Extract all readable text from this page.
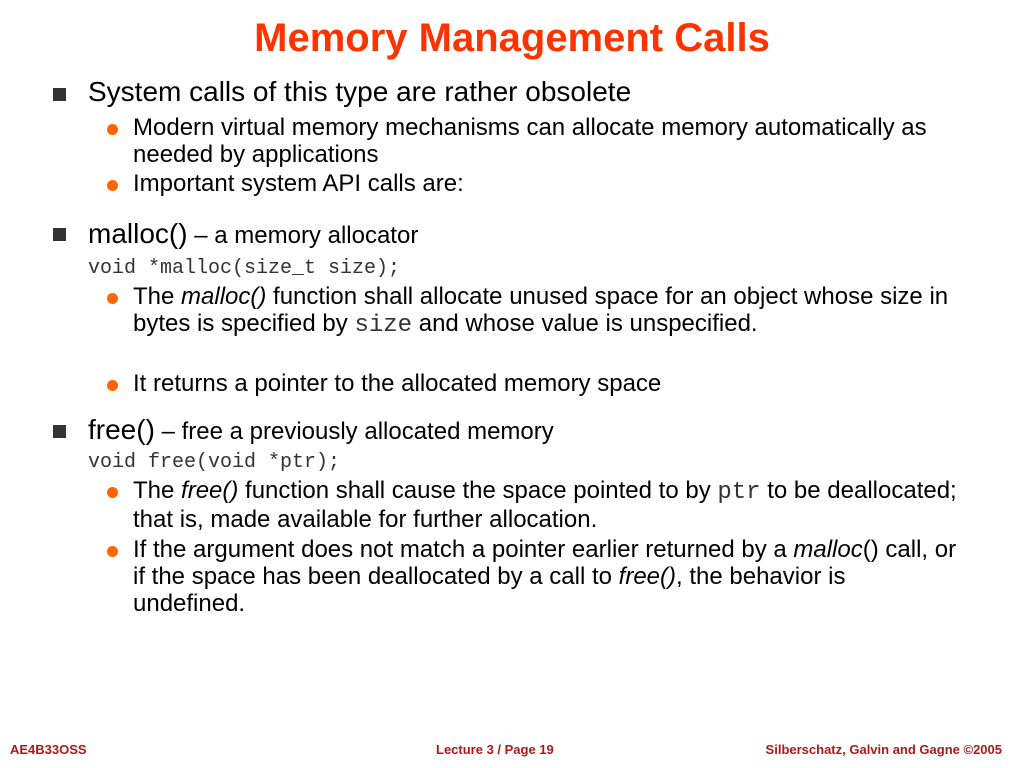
Memory Management Calls
System calls of this type are rather obsolete
Modern virtual memory mechanisms can allocate memory automatically as needed by applications
Important system API calls are:
malloc() – a memory allocator
void *malloc(size_t size);
The malloc() function shall allocate unused space for an object whose size in bytes is specified by size and whose value is unspecified.
It returns a pointer to the allocated memory space
free() – free a previously allocated memory
void free(void *ptr);
The free() function shall cause the space pointed to by ptr to be deallocated; that is, made available for further allocation.
If the argument does not match a pointer earlier returned by a malloc() call, or if the space has been deallocated by a call to free(), the behavior is undefined.
AE4B33OSS	Lecture 3 / Page 19	Silberschatz, Galvin and Gagne ©2005
